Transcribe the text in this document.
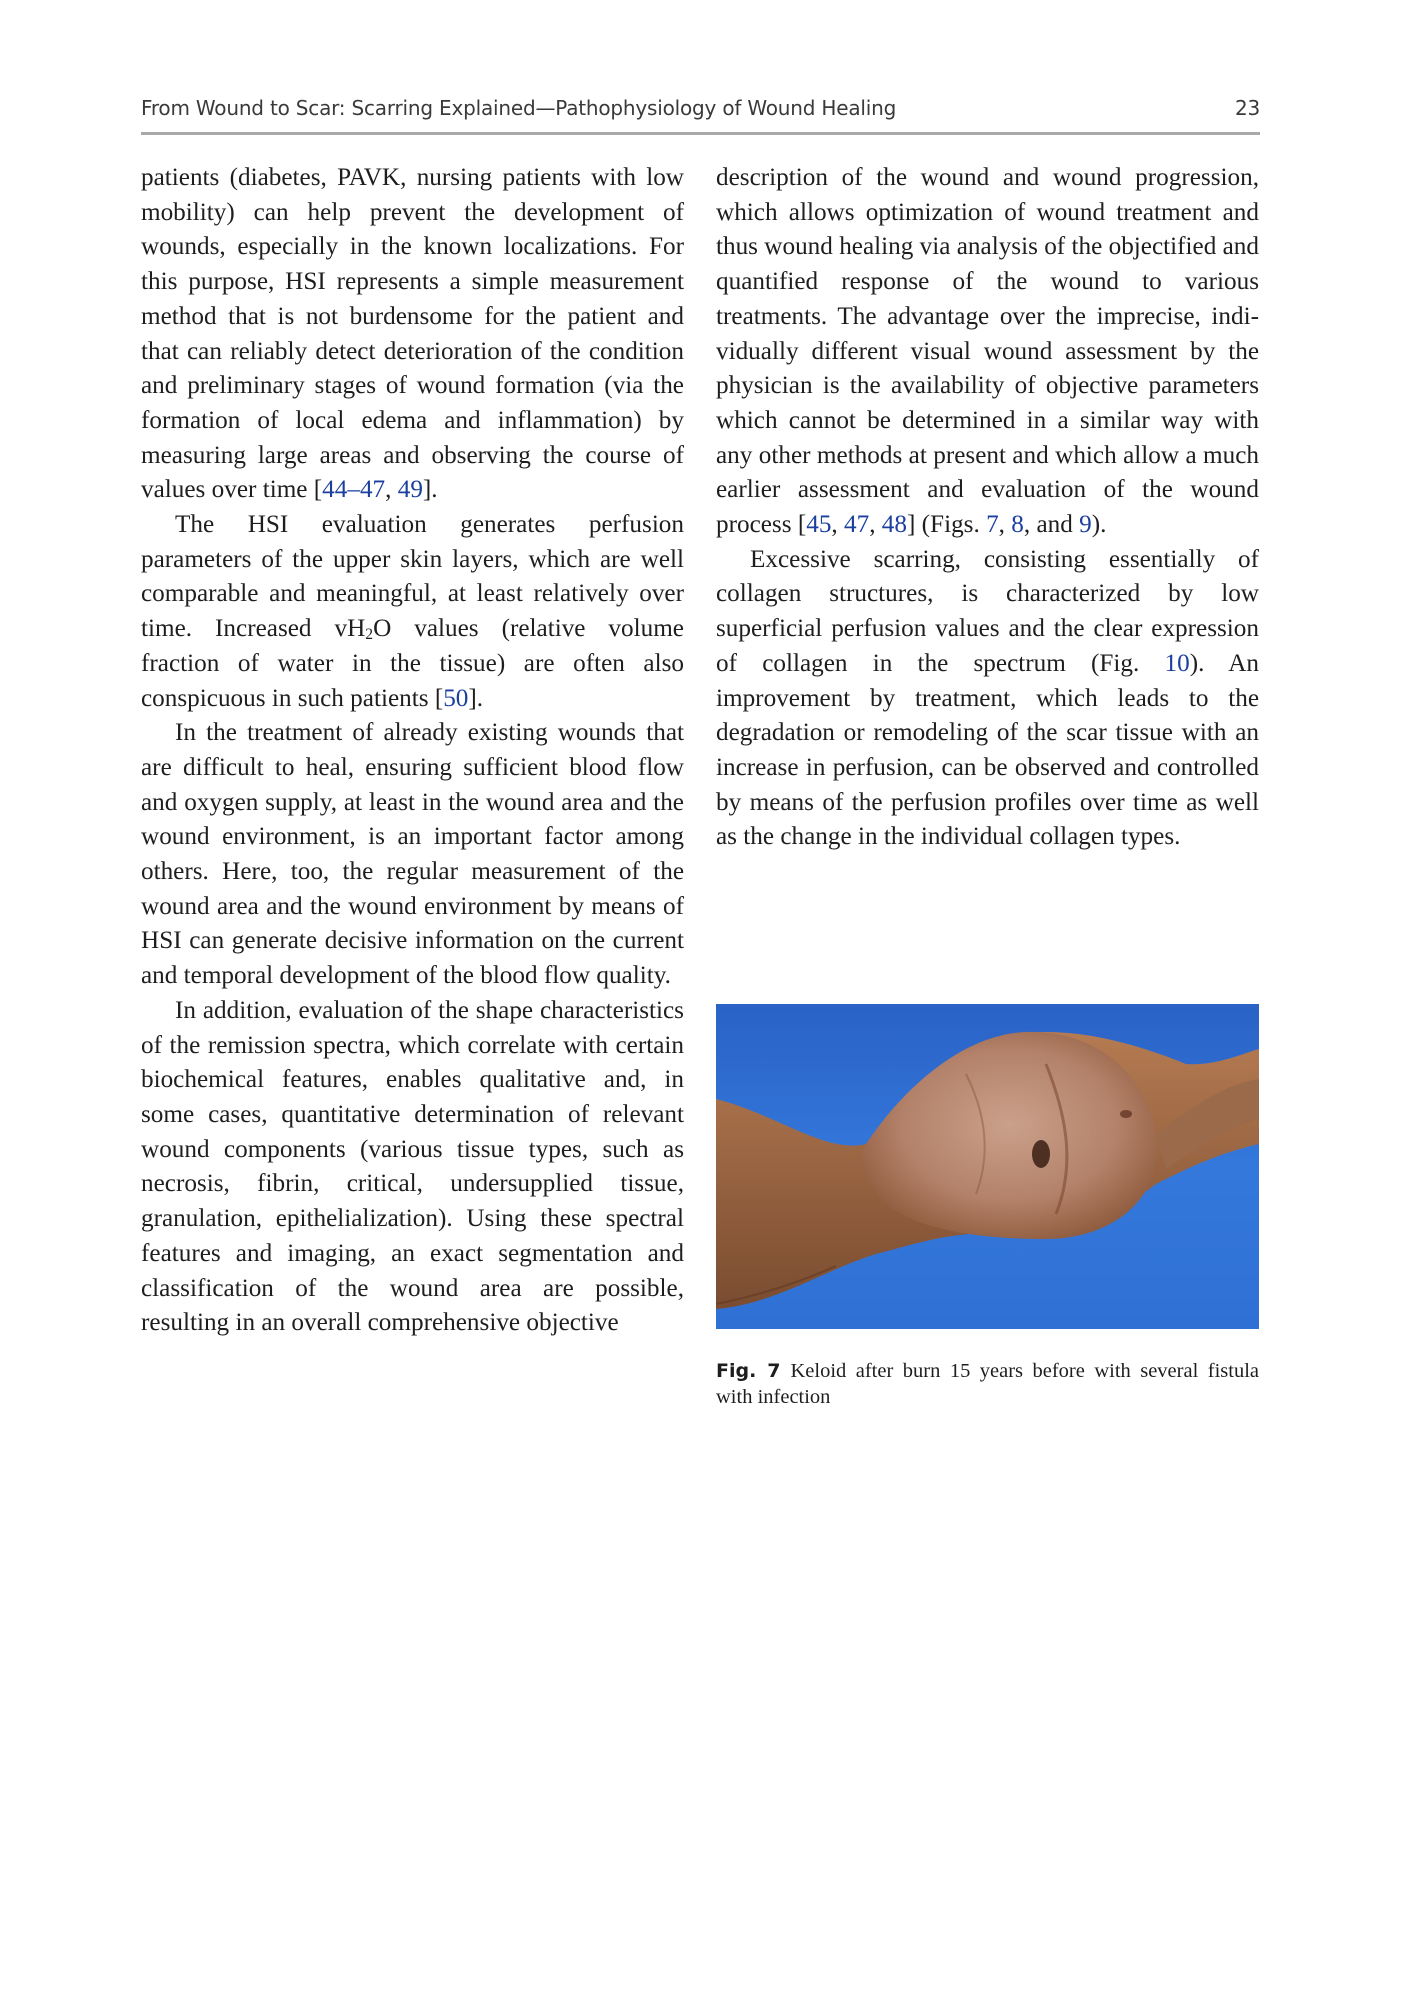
From Wound to Scar: Scarring Explained—Pathophysiology of Wound Healing	23

patients (diabetes, PAVK, nursing patients with low mobility) can help prevent the development of wounds, especially in the known localizations. For this purpose, HSI represents a simple measurement method that is not burdensome for the patient and that can reliably detect deterioration of the condition and preliminary stages of wound formation (via the formation of local edema and inflammation) by measuring large areas and observing the course of values over time [44–47, 49].

The HSI evaluation generates perfusion parameters of the upper skin layers, which are well comparable and meaningful, at least relatively over time. Increased $vH_2O$ values (relative volume fraction of water in the tissue) are often also conspicuous in such patients [50].

In the treatment of already existing wounds that are difficult to heal, ensuring sufficient blood flow and oxygen supply, at least in the wound area and the wound environment, is an important factor among others. Here, too, the regular measurement of the wound area and the wound environment by means of HSI can generate decisive information on the current and temporal development of the blood flow quality.

In addition, evaluation of the shape characteristics of the remission spectra, which correlate with certain biochemical features, enables qualitative and, in some cases, quantitative determination of relevant wound components (various tissue types, such as necrosis, fibrin, critical, undersupplied tissue, granulation, epithelialization). Using these spectral features and imaging, an exact segmentation and classification of the wound area are possible, resulting in an overall comprehensive objective

description of the wound and wound progression, which allows optimization of wound treatment and thus wound healing via analysis of the objectified and quantified response of the wound to various treatments. The advantage over the imprecise, individually different visual wound assessment by the physician is the availability of objective parameters which cannot be determined in a similar way with any other methods at present and which allow a much earlier assessment and evaluation of the wound process [45, 47, 48] (Figs. 7, 8, and 9).

Excessive scarring, consisting essentially of collagen structures, is characterized by low superficial perfusion values and the clear expression of collagen in the spectrum (Fig. 10). An improvement by treatment, which leads to the degradation or remodeling of the scar tissue with an increase in perfusion, can be observed and controlled by means of the perfusion profiles over time as well as the change in the individual collagen types.

Fig. 7 Keloid after burn 15 years before with several fistula with infection
